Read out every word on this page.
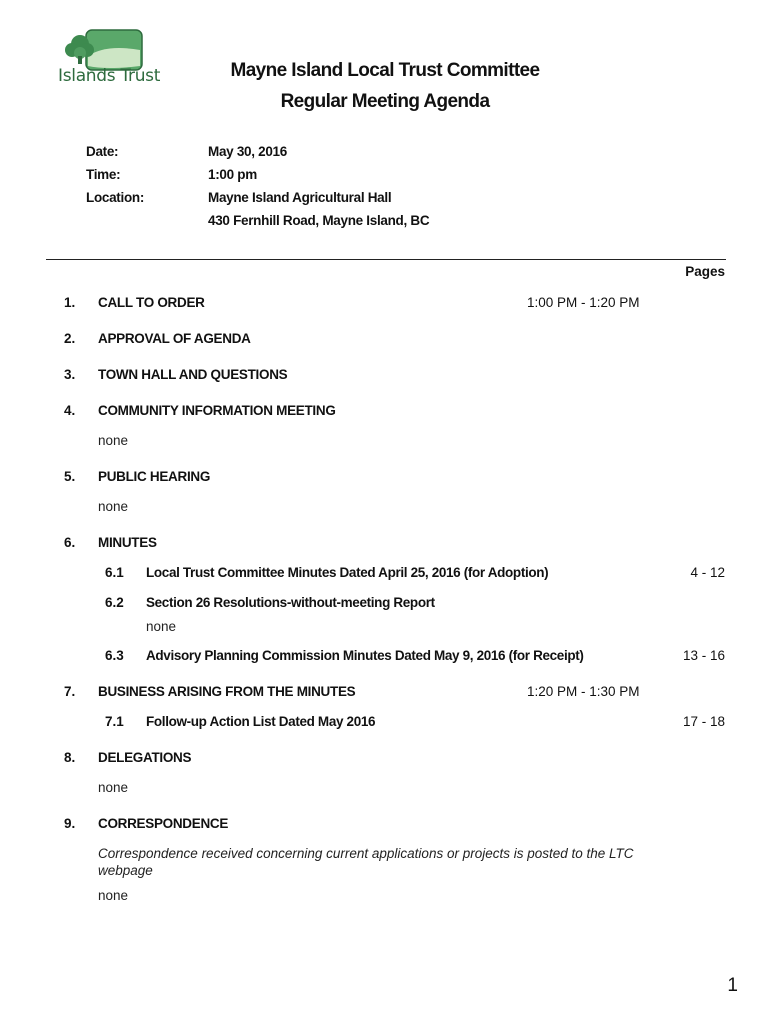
Islands Trust	Mayne Island Local Trust Committee
Regular Meeting Agenda
Date:	May 30, 2016
Time:	1:00 pm
Location:	Mayne Island Agricultural Hall
430 Fernhill Road, Mayne Island, BC
Pages
1. CALL TO ORDER	1:00 PM - 1:20 PM
2. APPROVAL OF AGENDA
3. TOWN HALL AND QUESTIONS
4. COMMUNITY INFORMATION MEETING
none
5. PUBLIC HEARING
none
6. MINUTES
6.1 Local Trust Committee Minutes Dated April 25, 2016 (for Adoption)	4 - 12
6.2 Section 26 Resolutions-without-meeting Report
none
6.3 Advisory Planning Commission Minutes Dated May 9, 2016 (for Receipt)	13 - 16
7. BUSINESS ARISING FROM THE MINUTES	1:20 PM - 1:30 PM
7.1 Follow-up Action List Dated May 2016	17 - 18
8. DELEGATIONS
none
9. CORRESPONDENCE
Correspondence received concerning current applications or projects is posted to the LTC webpage
none
1
